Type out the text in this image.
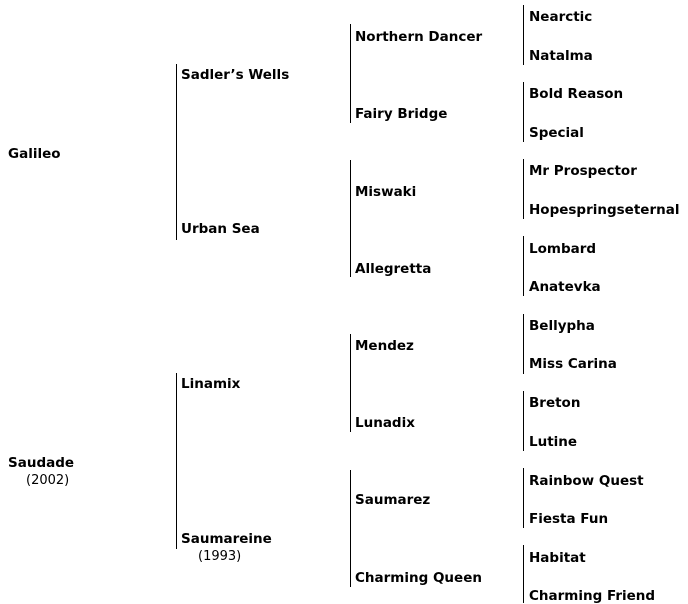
Galileo
Saudade
(2002)
Sadler’s Wells
Urban Sea
Linamix
Saumareine
(1993)
Northern Dancer
Fairy Bridge
Miswaki
Allegretta
Mendez
Lunadix
Saumarez
Charming Queen
Nearctic
Natalma
Bold Reason
Special
Mr Prospector
Hopespringseternal
Lombard
Anatevka
Bellypha
Miss Carina
Breton
Lutine
Rainbow Quest
Fiesta Fun
Habitat
Charming Friend
